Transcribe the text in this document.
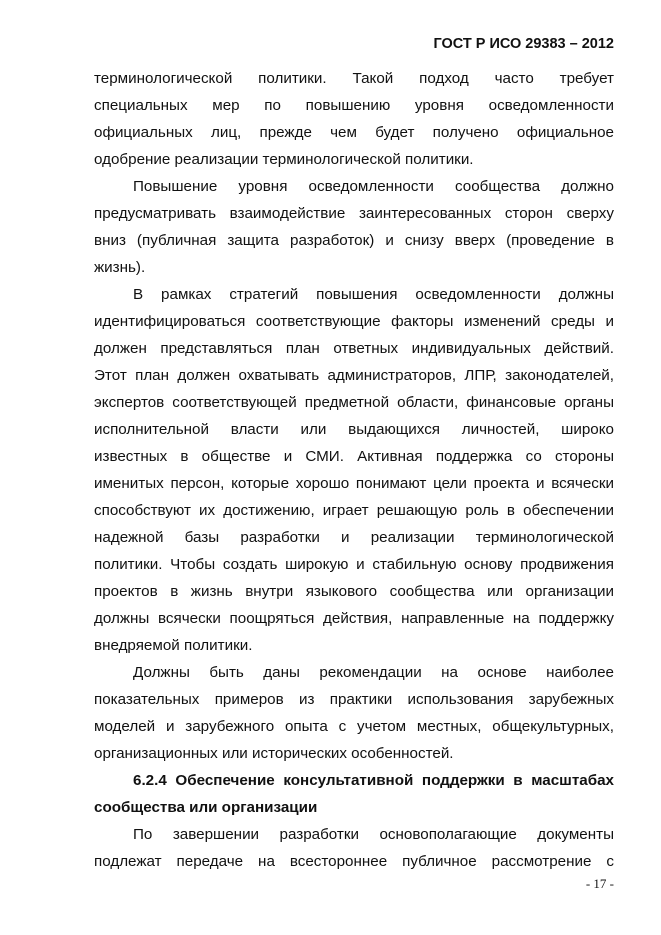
ГОСТ Р ИСО 29383 – 2012
терминологической политики. Такой подход часто требует
специальных мер по повышению уровня осведомленности
официальных лиц, прежде чем будет получено официальное
одобрение реализации терминологической политики.
Повышение уровня осведомленности сообщества должно
предусматривать взаимодействие заинтересованных сторон сверху
вниз (публичная защита разработок) и снизу вверх (проведение в
жизнь).
В рамках стратегий повышения осведомленности должны
идентифицироваться соответствующие факторы изменений среды и
должен представляться план ответных индивидуальных действий.
Этот план должен охватывать администраторов, ЛПР, законодателей,
экспертов соответствующей предметной области, финансовые органы
исполнительной власти или выдающихся личностей, широко
известных в обществе и СМИ. Активная поддержка со стороны
именитых персон, которые хорошо понимают цели проекта и всячески
способствуют их достижению, играет решающую роль в обеспечении
надежной базы разработки и реализации терминологической
политики. Чтобы создать широкую и стабильную основу продвижения
проектов в жизнь внутри языкового сообщества или организации
должны всячески поощряться действия, направленные на поддержку
внедряемой политики.
Должны быть даны рекомендации на основе наиболее
показательных примеров из практики использования зарубежных
моделей и зарубежного опыта с учетом местных, общекультурных,
организационных или исторических особенностей.
6.2.4 Обеспечение консультативной поддержки в масштабах
сообщества или организации
По завершении разработки основополагающие документы
подлежат передаче на всестороннее публичное рассмотрение с
- 17 -
